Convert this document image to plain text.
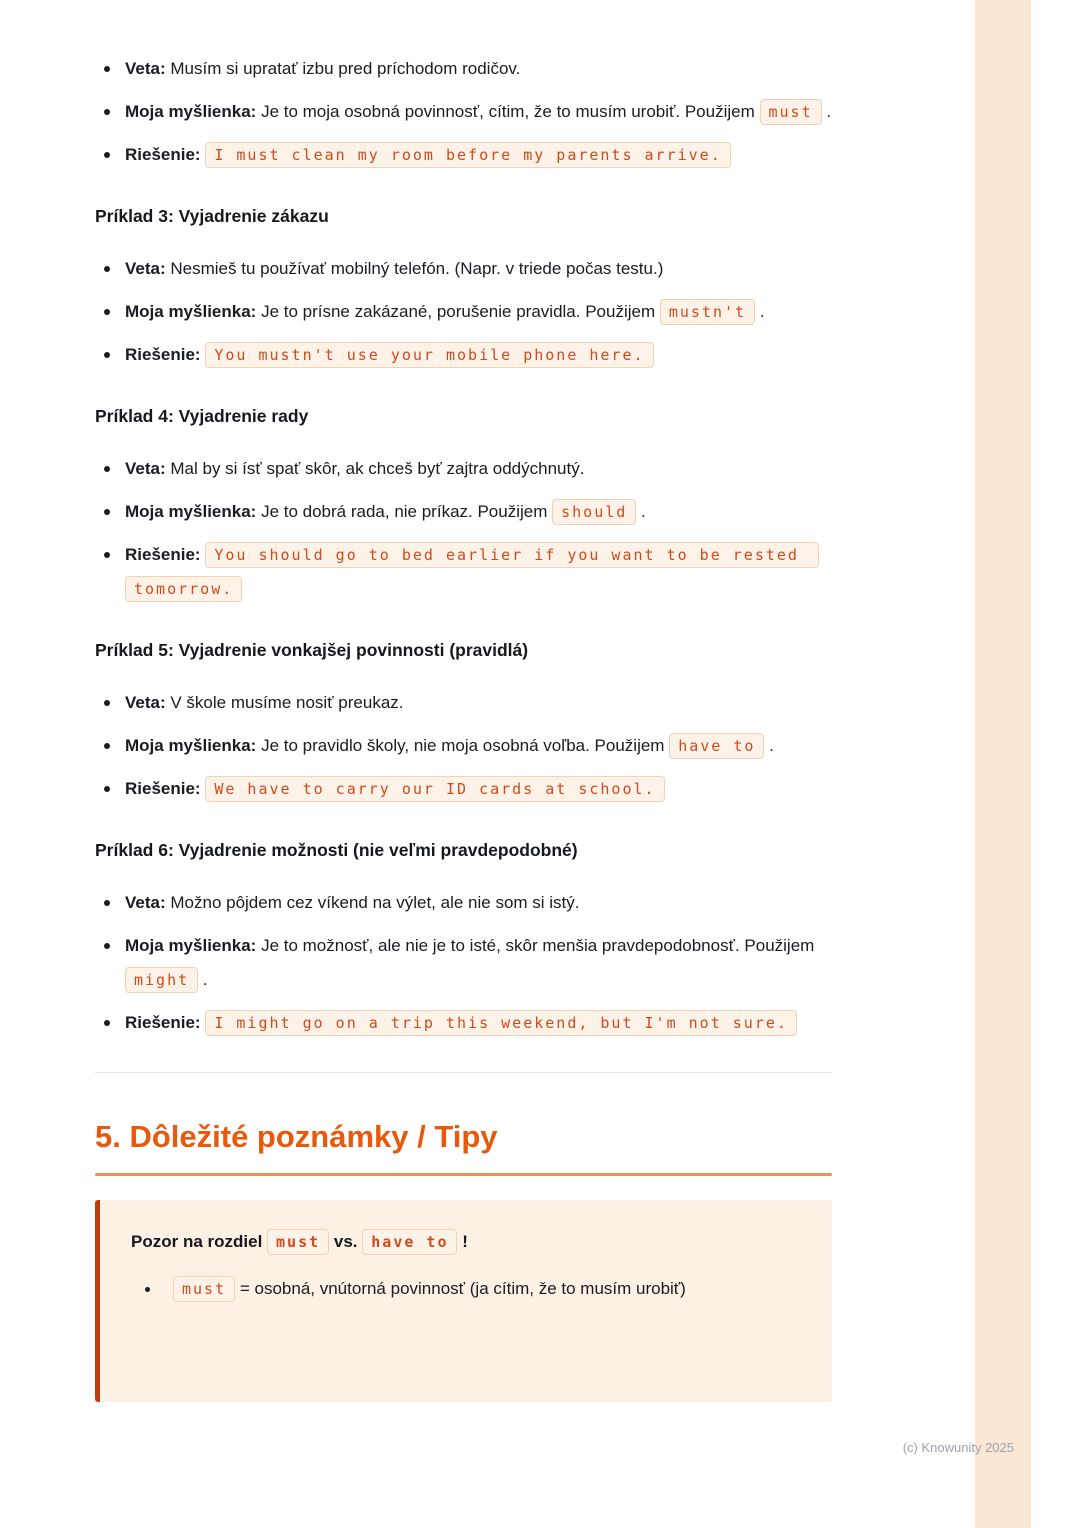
Veta: Musím si upratať izbu pred príchodom rodičov.
Moja myšlienka: Je to moja osobná povinnosť, cítim, že to musím urobiť. Použijem must .
Riešenie: I must clean my room before my parents arrive.
Príklad 3: Vyjadrenie zákazu
Veta: Nesmieš tu používať mobilný telefón. (Napr. v triede počas testu.)
Moja myšlienka: Je to prísne zakázané, porušenie pravidla. Použijem mustn't .
Riešenie: You mustn't use your mobile phone here.
Príklad 4: Vyjadrenie rady
Veta: Mal by si ísť spať skôr, ak chceš byť zajtra oddýchnutý.
Moja myšlienka: Je to dobrá rada, nie príkaz. Použijem should .
Riešenie: You should go to bed earlier if you want to be rested tomorrow.
Príklad 5: Vyjadrenie vonkajšej povinnosti (pravidlá)
Veta: V škole musíme nosiť preukaz.
Moja myšlienka: Je to pravidlo školy, nie moja osobná voľba. Použijem have to .
Riešenie: We have to carry our ID cards at school.
Príklad 6: Vyjadrenie možnosti (nie veľmi pravdepodobné)
Veta: Možno pôjdem cez víkend na výlet, ale nie som si istý.
Moja myšlienka: Je to možnosť, ale nie je to isté, skôr menšia pravdepodobnosť. Použijem might .
Riešenie: I might go on a trip this weekend, but I'm not sure.
5. Dôležité poznámky / Tipy

Pozor na rozdiel must vs. have to !

must = osobná, vnútorná povinnosť (ja cítim, že to musím urobiť)
(c) Knowunity 2025
